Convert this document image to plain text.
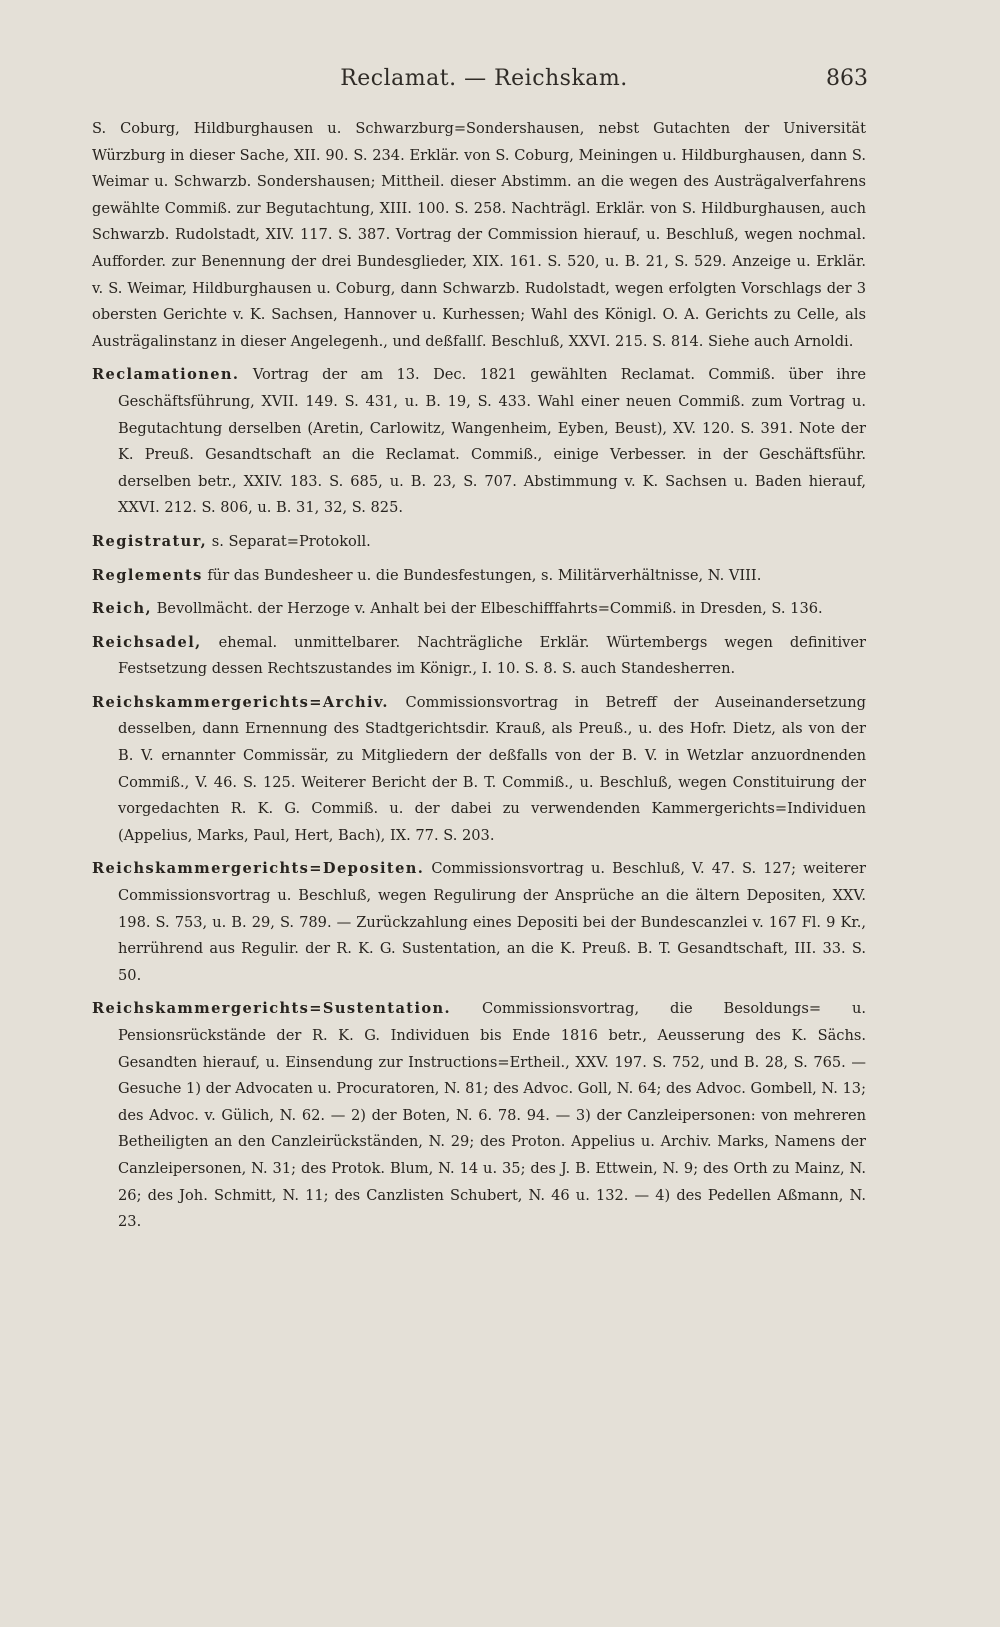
Reclamat. — Reichskam.	863

S. Coburg, Hildburghausen u. Schwarzburg=Sondershausen, nebst Gutachten der Universität Würzburg in dieser Sache, XII. 90. S. 234. Erklär. von S. Coburg, Meiningen u. Hildburghausen, dann S. Weimar u. Schwarzb. Sondershausen; Mittheil. dieser Abstimm. an die wegen des Austrägalverfahrens gewählte Commiß. zur Begutachtung, XIII. 100. S. 258. Nachträgl. Erklär. von S. Hildburghausen, auch Schwarzb. Rudolstadt, XIV. 117. S. 387. Vortrag der Commission hierauf, u. Beschluß, wegen nochmal. Aufforder. zur Benennung der drei Bundesglieder, XIX. 161. S. 520, u. B. 21, S. 529. Anzeige u. Erklär. v. S. Weimar, Hildburghausen u. Coburg, dann Schwarzb. Rudolstadt, wegen erfolgten Vorschlags der 3 obersten Gerichte v. K. Sachsen, Hannover u. Kurhessen; Wahl des Königl. O. A. Gerichts zu Celle, als Austrägalinstanz in dieser Angelegenh., und deßfallſ. Beschluß, XXVI. 215. S. 814. Siehe auch Arnoldi.

Reclamationen. Vortrag der am 13. Dec. 1821 gewählten Reclamat. Commiß. über ihre Geschäftsführung, XVII. 149. S. 431, u. B. 19, S. 433. Wahl einer neuen Commiß. zum Vortrag u. Begutachtung derselben (Aretin, Carlowitz, Wangenheim, Eyben, Beust), XV. 120. S. 391. Note der K. Preuß. Gesandtschaft an die Reclamat. Commiß., einige Verbesser. in der Geschäftsführ. derselben betr., XXIV. 183. S. 685, u. B. 23, S. 707. Abstimmung v. K. Sachsen u. Baden hierauf, XXVI. 212. S. 806, u. B. 31, 32, S. 825.

Registratur, s. Separat=Protokoll.

Reglements für das Bundesheer u. die Bundesfestungen, s. Militärverhältnisse, N. VIII.

Reich, Bevollmächt. der Herzoge v. Anhalt bei der Elbeschifffahrts=Commiß. in Dresden, S. 136.

Reichsadel, ehemal. unmittelbarer. Nachträgliche Erklär. Würtembergs wegen definitiver Festsetzung dessen Rechtszustandes im Königr., I. 10. S. 8. S. auch Standesherren.

Reichskammergerichts=Archiv. Commissionsvortrag in Betreff der Auseinandersetzung desselben, dann Ernennung des Stadtgerichtsdir. Krauß, als Preuß., u. des Hofr. Dietz, als von der B. V. ernannter Commissär, zu Mitgliedern der deßfalls von der B. V. in Wetzlar anzuordnenden Commiß., V. 46. S. 125. Weiterer Bericht der B. T. Commiß., u. Beschluß, wegen Constituirung der vorgedachten R. K. G. Commiß. u. der dabei zu verwendenden Kammergerichts=Individuen (Appelius, Marks, Paul, Hert, Bach), IX. 77. S. 203.

Reichskammergerichts=Depositen. Commissionsvortrag u. Beschluß, V. 47. S. 127; weiterer Commissionsvortrag u. Beschluß, wegen Regulirung der Ansprüche an die ältern Depositen, XXV. 198. S. 753, u. B. 29, S. 789. — Zurückzahlung eines Depositi bei der Bundescanzlei v. 167 Fl. 9 Kr., herrührend aus Regulir. der R. K. G. Sustentation, an die K. Preuß. B. T. Gesandtschaft, III. 33. S. 50.

Reichskammergerichts=Sustentation. Commissionsvortrag, die Besoldungs= u. Pensionsrückstände der R. K. G. Individuen bis Ende 1816 betr., Aeusserung des K. Sächs. Gesandten hierauf, u. Einsendung zur Instructions=Ertheil., XXV. 197. S. 752, und B. 28, S. 765. — Gesuche 1) der Advocaten u. Procuratoren, N. 81; des Advoc. Goll, N. 64; des Advoc. Gombell, N. 13; des Advoc. v. Gülich, N. 62. — 2) der Boten, N. 6. 78. 94. — 3) der Canzleipersonen: von mehreren Betheiligten an den Canzleirückständen, N. 29; des Proton. Appelius u. Archiv. Marks, Namens der Canzleipersonen, N. 31; des Protok. Blum, N. 14 u. 35; des J. B. Ettwein, N. 9; des Orth zu Mainz, N. 26; des Joh. Schmitt, N. 11; des Canzlisten Schubert, N. 46 u. 132. — 4) des Pedellen Aßmann, N. 23.
